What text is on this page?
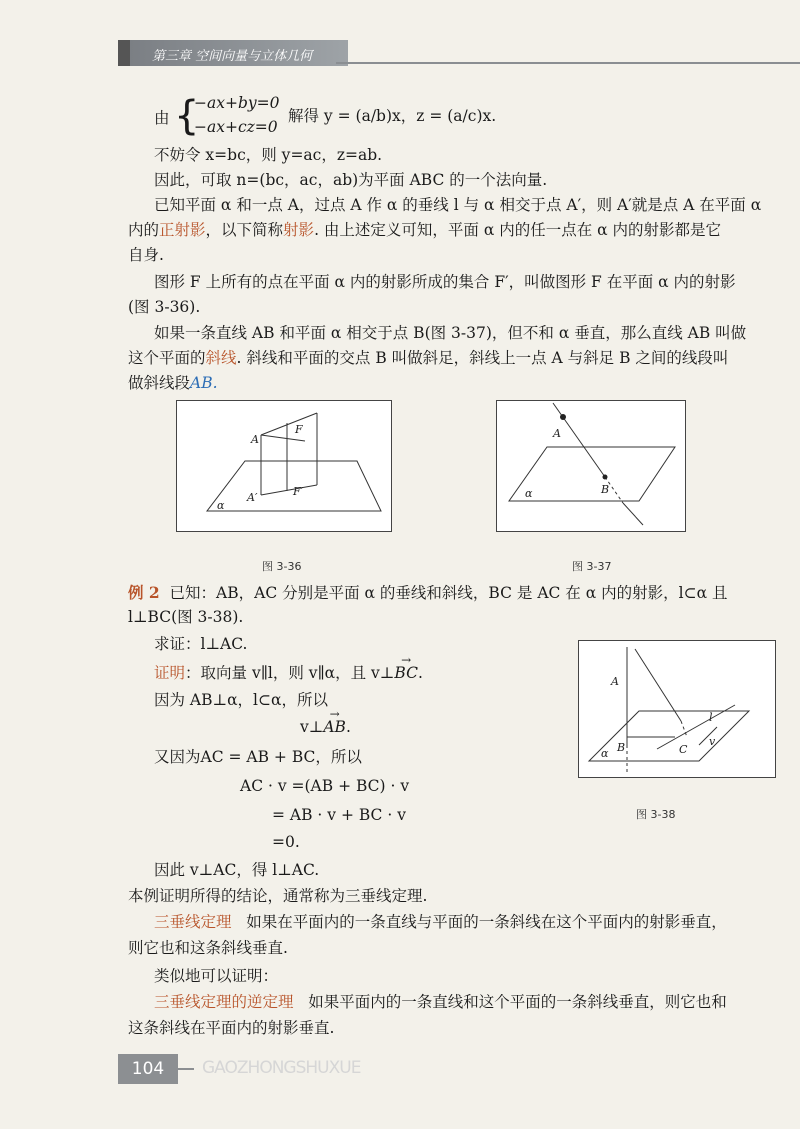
第三章 空间向量与立体几何
由 {
−ax+by=0
−ax+cz=0
解得 y = (a/b)x，z = (a/c)x.
不妨令 x=bc，则 y=ac，z=ab.
因此，可取 n=(bc，ac，ab)为平面 ABC 的一个法向量.
已知平面 α 和一点 A，过点 A 作 α 的垂线 l 与 α 相交于点 A′，则 A′就是点 A 在平面 α
内的正射影，以下简称射影. 由上述定义可知，平面 α 内的任一点在 α 内的射影都是它
自身.
图形 F 上所有的点在平面 α 内的射影所成的集合 F′，叫做图形 F 在平面 α 内的射影
(图 3-36).
如果一条直线 AB 和平面 α 相交于点 B(图 3-37)，但不和 α 垂直，那么直线 AB 叫做
这个平面的斜线. 斜线和平面的交点 B 叫做斜足，斜线上一点 A 与斜足 B 之间的线段叫
做斜线段AB.
A
F
A′	F′
α
图 3-36
A
B
α
图 3-37
例 2 已知：AB，AC 分别是平面 α 的垂线和斜线，BC 是 AC 在 α 内的射影，l⊂α 且
l⊥BC(图 3-38).
求证：l⊥AC.
证明：取向量 v∥l，则 v∥α，且 v⊥→ BC.
因为 AB⊥α，l⊂α，所以
v⊥→ AB.
又因为AC = AB + BC，所以
AC · v =(AB + BC) · v
= AB · v + BC · v
=0.
因此 v⊥AC，得 l⊥AC.
A
B	C
l
v
α
图 3-38
本例证明所得的结论，通常称为三垂线定理.
三垂线定理 如果在平面内的一条直线与平面的一条斜线在这个平面内的射影垂直，
则它也和这条斜线垂直.
类似地可以证明：
三垂线定理的逆定理 如果平面内的一条直线和这个平面的一条斜线垂直，则它也和
这条斜线在平面内的射影垂直.
104	GAOZHONGSHUXUE
